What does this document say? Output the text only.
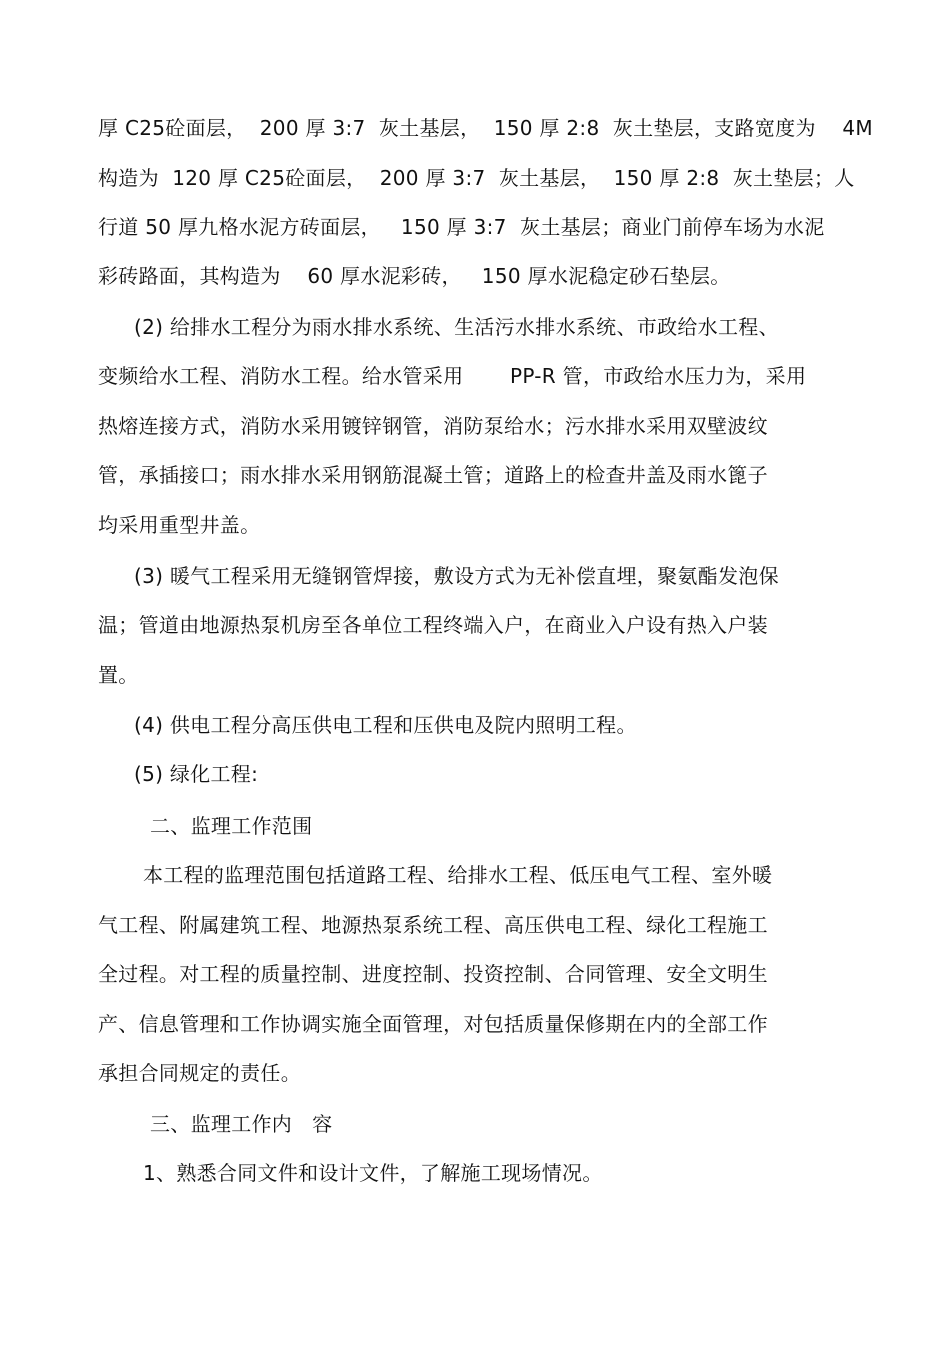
厚 C25砼面层，  200 厚 3:7  灰土基层，  150 厚 2:8  灰土垫层，支路宽度为    4M
构造为  120 厚 C25砼面层，  200 厚 3:7  灰土基层，  150 厚 2:8  灰土垫层；人
行道 50 厚九格水泥方砖面层，   150 厚 3:7  灰土基层；商业门前停车场为水泥
彩砖路面，其构造为    60 厚水泥彩砖，   150 厚水泥稳定砂石垫层。
(2) 给排水工程分为雨水排水系统、生活污水排水系统、市政给水工程、
变频给水工程、消防水工程。给水管采用       PP-R 管，市政给水压力为，采用
热熔连接方式，消防水采用镀锌钢管，消防泵给水；污水排水采用双壁波纹
管，承插接口；雨水排水采用钢筋混凝土管；道路上的检查井盖及雨水篦子
均采用重型井盖。
(3) 暖气工程采用无缝钢管焊接，敷设方式为无补偿直埋，聚氨酯发泡保
温；管道由地源热泵机房至各单位工程终端入户，在商业入户设有热入户装
置。
(4) 供电工程分高压供电工程和压供电及院内照明工程。
(5) 绿化工程:
二、监理工作范围
本工程的监理范围包括道路工程、给排水工程、低压电气工程、室外暖
气工程、附属建筑工程、地源热泵系统工程、高压供电工程、绿化工程施工
全过程。对工程的质量控制、进度控制、投资控制、合同管理、安全文明生
产、信息管理和工作协调实施全面管理，对包括质量保修期在内的全部工作
承担合同规定的责任。
三、监理工作内   容
1、熟悉合同文件和设计文件，了解施工现场情况。
